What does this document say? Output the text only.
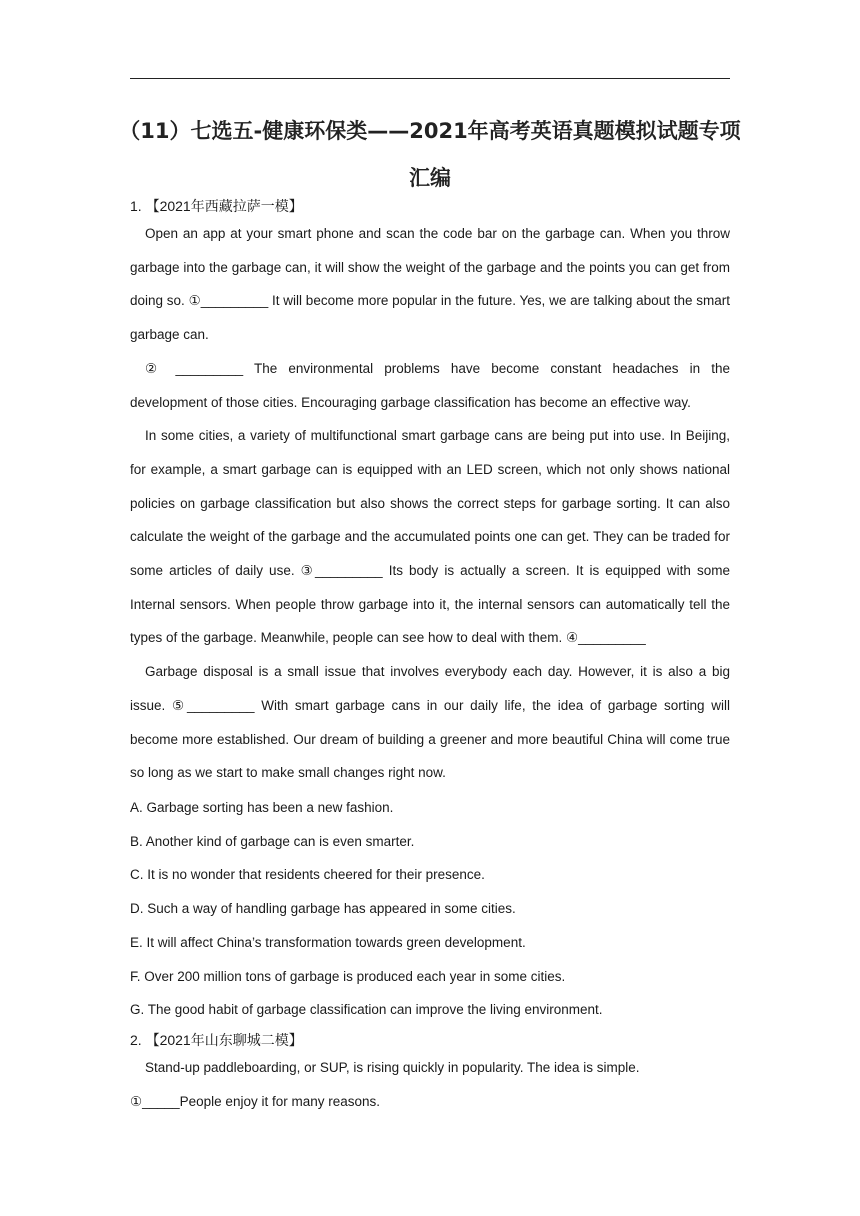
（11）七选五-健康环保类——2021年高考英语真题模拟试题专项汇编
1. 【2021年西藏拉萨一模】

Open an app at your smart phone and scan the code bar on the garbage can. When you throw garbage into the garbage can, it will show the weight of the garbage and the points you can get from doing so. ①_________ It will become more popular in the future. Yes, we are talking about the smart garbage can.

② _________ The environmental problems have become constant headaches in the development of those cities. Encouraging garbage classification has become an effective way.

In some cities, a variety of multifunctional smart garbage cans are being put into use. In Beijing, for example, a smart garbage can is equipped with an LED screen, which not only shows national policies on garbage classification but also shows the correct steps for garbage sorting. It can also calculate the weight of the garbage and the accumulated points one can get. They can be traded for some articles of daily use. ③_________ Its body is actually a screen. It is equipped with some Internal sensors. When people throw garbage into it, the internal sensors can automatically tell the types of the garbage. Meanwhile, people can see how to deal with them. ④_________

Garbage disposal is a small issue that involves everybody each day. However, it is also a big issue. ⑤_________ With smart garbage cans in our daily life, the idea of garbage sorting will become more established. Our dream of building a greener and more beautiful China will come true so long as we start to make small changes right now.

A. Garbage sorting has been a new fashion.
B. Another kind of garbage can is even smarter.
C. It is no wonder that residents cheered for their presence.
D. Such a way of handling garbage has appeared in some cities.
E. It will affect China’s transformation towards green development.
F. Over 200 million tons of garbage is produced each year in some cities.
G. The good habit of garbage classification can improve the living environment.
2. 【2021年山东聊城二模】

Stand-up paddleboarding, or SUP, is rising quickly in popularity. The idea is simple.

①_____People enjoy it for many reasons.
